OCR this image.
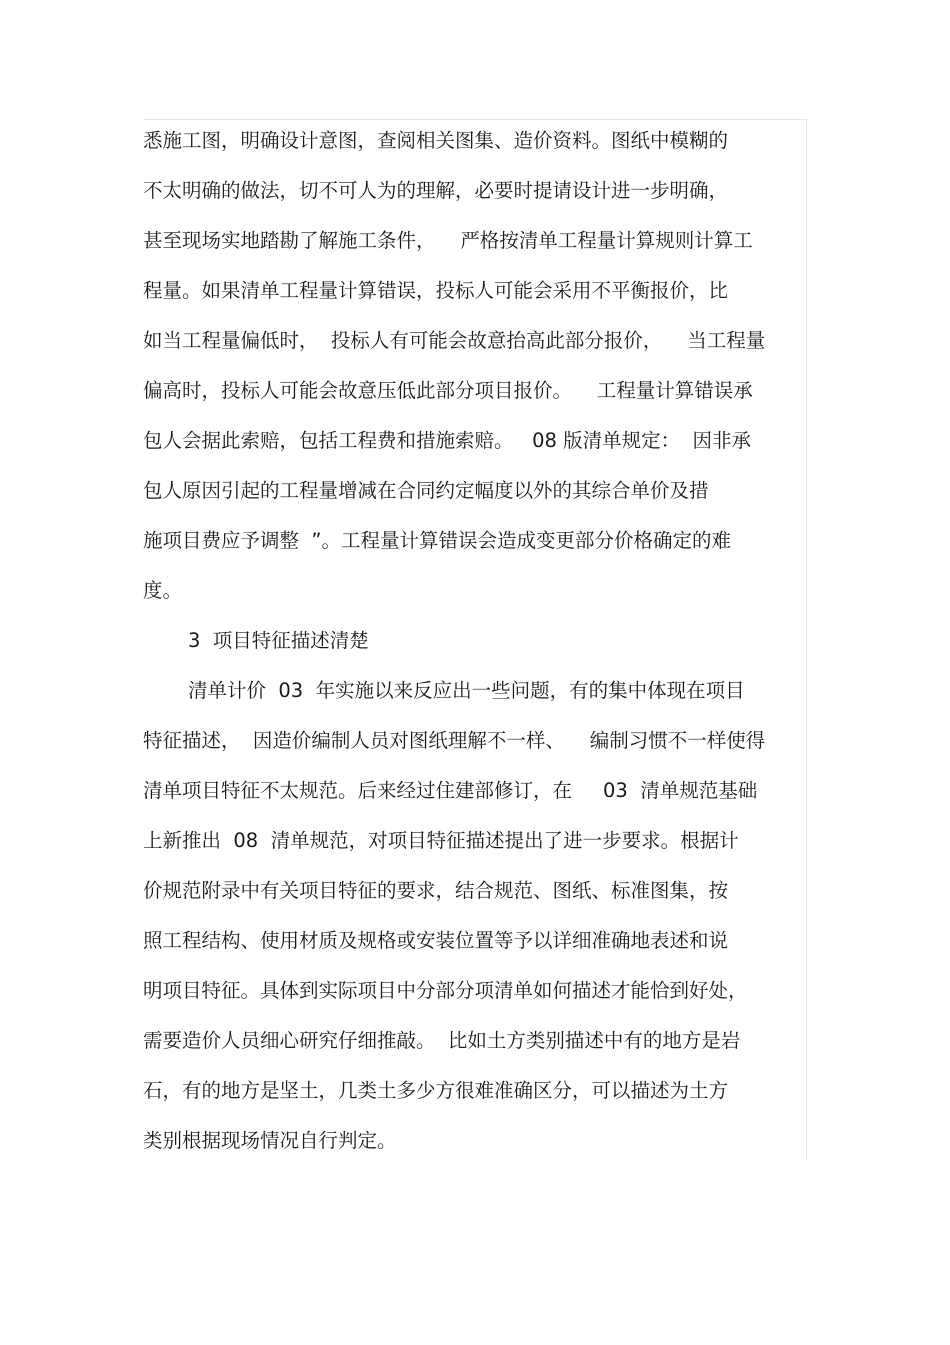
悉施工图，明确设计意图，查阅相关图集、造价资料。图纸中模糊的
不太明确的做法，切不可人为的理解，必要时提请设计进一步明确，
甚至现场实地踏勘了解施工条件，    严格按清单工程量计算规则计算工
程量。如果清单工程量计算错误，投标人可能会采用不平衡报价，比
如当工程量偏低时，  投标人有可能会故意抬高此部分报价，    当工程量
偏高时，投标人可能会故意压低此部分项目报价。    工程量计算错误承
包人会据此索赔，包括工程费和措施索赔。   08 版清单规定：  因非承
包人原因引起的工程量增减在合同约定幅度以外的其综合单价及措
施项目费应予调整  ”。工程量计算错误会造成变更部分价格确定的难
度。
3  项目特征描述清楚
清单计价  03  年实施以来反应出一些问题，有的集中体现在项目
特征描述，  因造价编制人员对图纸理解不一样、    编制习惯不一样使得
清单项目特征不太规范。后来经过住建部修订，在     03  清单规范基础
上新推出  08  清单规范，对项目特征描述提出了进一步要求。根据计
价规范附录中有关项目特征的要求，结合规范、图纸、标准图集，按
照工程结构、使用材质及规格或安装位置等予以详细准确地表述和说
明项目特征。具体到实际项目中分部分项清单如何描述才能恰到好处，
需要造价人员细心研究仔细推敲。  比如土方类别描述中有的地方是岩
石，有的地方是坚土，几类土多少方很难准确区分，可以描述为土方
类别根据现场情况自行判定。
